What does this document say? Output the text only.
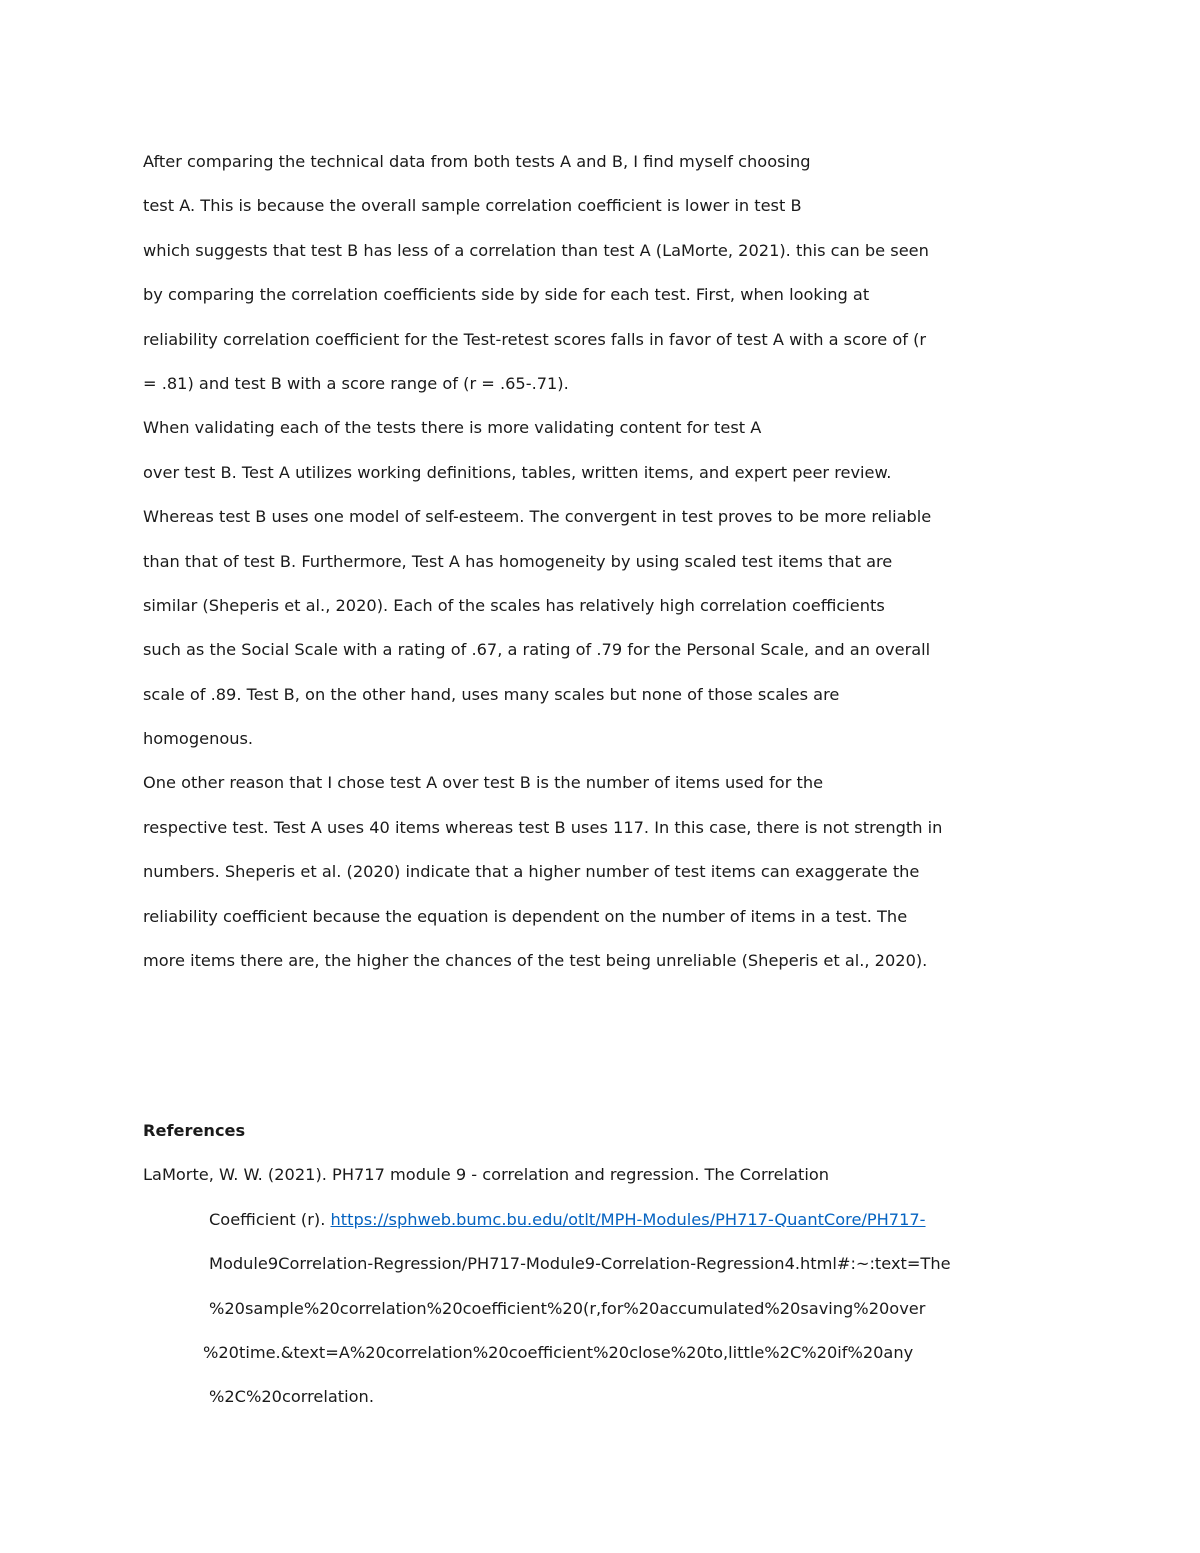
After comparing the technical data from both tests A and B, I find myself choosing
test A. This is because the overall sample correlation coefficient is lower in test B
which suggests that test B has less of a correlation than test A (LaMorte, 2021). this can be seen
by comparing the correlation coefficients side by side for each test. First, when looking at
reliability correlation coefficient for the Test-retest scores falls in favor of test A with a score of (r
= .81) and test B with a score range of (r = .65-.71).
When validating each of the tests there is more validating content for test A
over test B. Test A utilizes working definitions, tables, written items, and expert peer review.
Whereas test B uses one model of self-esteem. The convergent in test proves to be more reliable
than that of test B. Furthermore, Test A has homogeneity by using scaled test items that are
similar (Sheperis et al., 2020). Each of the scales has relatively high correlation coefficients
such as the Social Scale with a rating of .67, a rating of .79 for the Personal Scale, and an overall
scale of .89. Test B, on the other hand, uses many scales but none of those scales are
homogenous.
One other reason that I chose test A over test B is the number of items used for the
respective test. Test A uses 40 items whereas test B uses 117. In this case, there is not strength in
numbers. Sheperis et al. (2020) indicate that a higher number of test items can exaggerate the
reliability coefficient because the equation is dependent on the number of items in a test. The
more items there are, the higher the chances of the test being unreliable (Sheperis et al., 2020).
References
LaMorte, W. W. (2021). PH717 module 9 - correlation and regression. The Correlation
Coefficient (r). https://sphweb.bumc.bu.edu/otlt/MPH-Modules/PH717-QuantCore/PH717-
Module9Correlation-Regression/PH717-Module9-Correlation-Regression4.html#:~:text=The
%20sample%20correlation%20coefficient%20(r,for%20accumulated%20saving%20over
%20time.&text=A%20correlation%20coefficient%20close%20to,little%2C%20if%20any
%2C%20correlation.
